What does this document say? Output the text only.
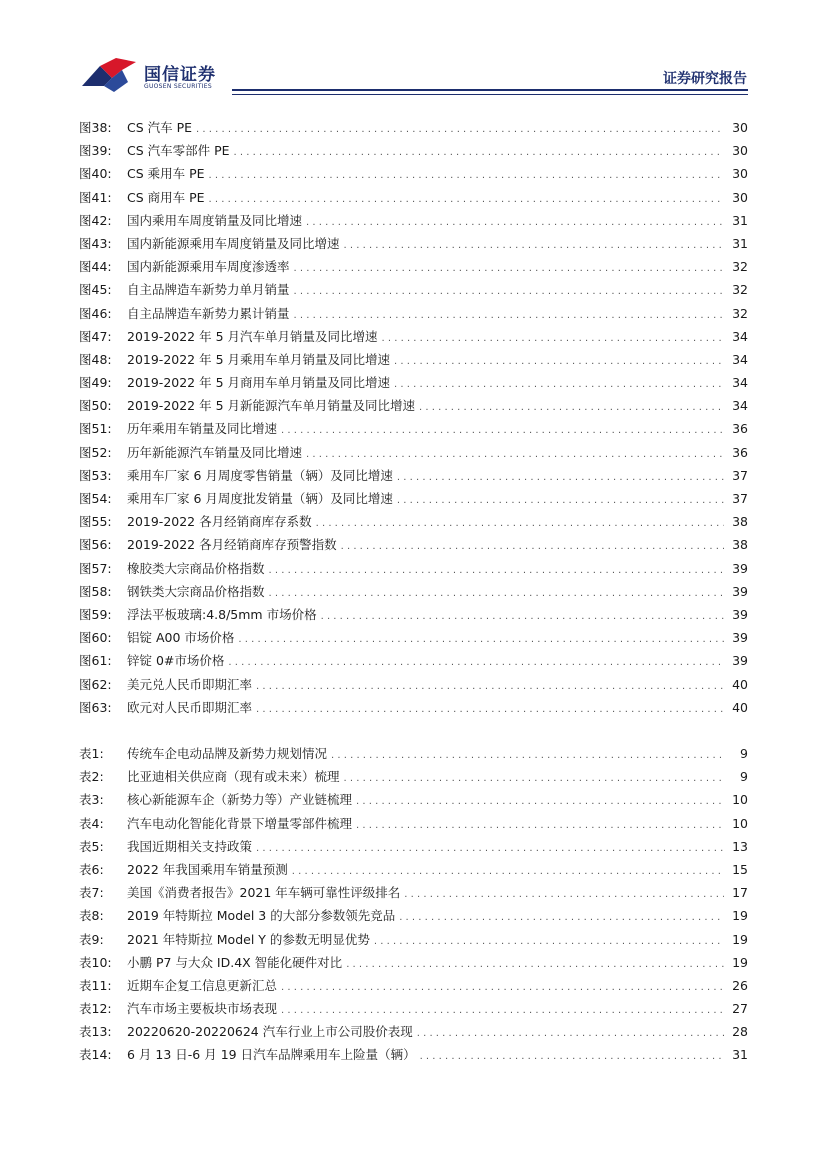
国信证券
GUOSEN SECURITIES	证券研究报告
图38:	CS 汽车 PE . . .	30
图39:	CS 汽车零部件 PE . . .	30
图40:	CS 乘用车 PE . . .	30
图41:	CS 商用车 PE . . .	30
图42:	国内乘用车周度销量及同比增速 . . .	31
图43:	国内新能源乘用车周度销量及同比增速 . . .	31
图44:	国内新能源乘用车周度渗透率 . . .	32
图45:	自主品牌造车新势力单月销量 . . .	32
图46:	自主品牌造车新势力累计销量 . . .	32
图47:	2019-2022 年 5 月汽车单月销量及同比增速 . . .	34
图48:	2019-2022 年 5 月乘用车单月销量及同比增速 . . .	34
图49:	2019-2022 年 5 月商用车单月销量及同比增速 . . .	34
图50:	2019-2022 年 5 月新能源汽车单月销量及同比增速 . . .	34
图51:	历年乘用车销量及同比增速 . . .	36
图52:	历年新能源汽车销量及同比增速 . . .	36
图53:	乘用车厂家 6 月周度零售销量（辆）及同比增速 . . .	37
图54:	乘用车厂家 6 月周度批发销量（辆）及同比增速 . . .	37
图55:	2019-2022 各月经销商库存系数 . . .	38
图56:	2019-2022 各月经销商库存预警指数 . . .	38
图57:	橡胶类大宗商品价格指数 . . .	39
图58:	钢铁类大宗商品价格指数 . . .	39
图59:	浮法平板玻璃:4.8/5mm 市场价格 . . .	39
图60:	铝锭 A00 市场价格 . . .	39
图61:	锌锭 0#市场价格 . . .	39
图62:	美元兑人民币即期汇率 . . .	40
图63:	欧元对人民币即期汇率 . . .	40
表1:	传统车企电动品牌及新势力规划情况 . . .	9
表2:	比亚迪相关供应商（现有或未来）梳理 . . .	9
表3:	核心新能源车企（新势力等）产业链梳理 . . .	10
表4:	汽车电动化智能化背景下增量零部件梳理 . . .	10
表5:	我国近期相关支持政策 . . .	13
表6:	2022 年我国乘用车销量预测 . . .	15
表7:	美国《消费者报告》2021 年车辆可靠性评级排名 . . .	17
表8:	2019 年特斯拉 Model 3 的大部分参数领先竞品 . . .	19
表9:	2021 年特斯拉 Model Y 的参数无明显优势 . . .	19
表10:	小鹏 P7 与大众 ID.4X 智能化硬件对比 . . .	19
表11:	近期车企复工信息更新汇总 . . .	26
表12:	汽车市场主要板块市场表现 . . .	27
表13:	20220620-20220624 汽车行业上市公司股价表现 . . .	28
表14:	6 月 13 日-6 月 19 日汽车品牌乘用车上险量（辆） . . .	31
